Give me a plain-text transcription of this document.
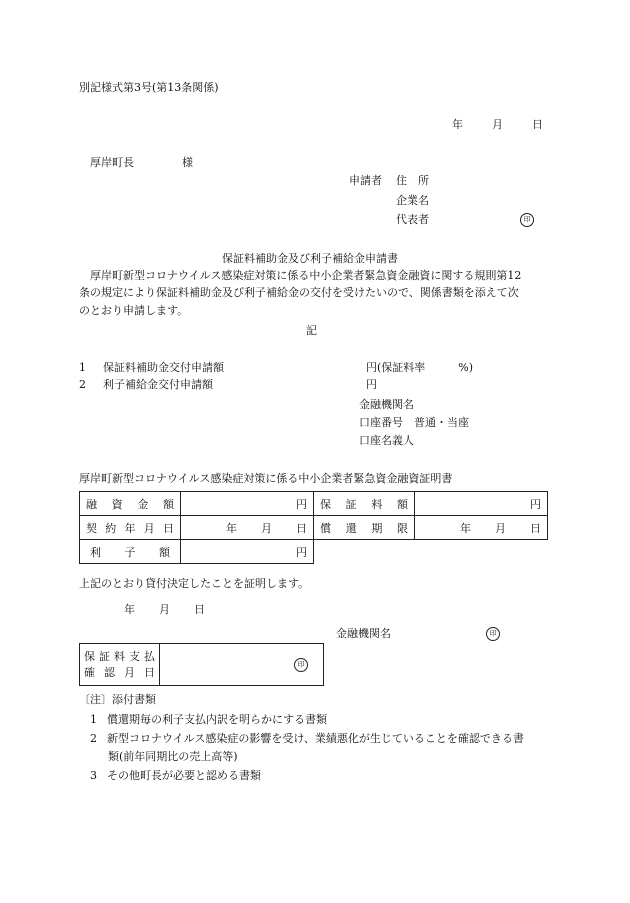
別記様式第3号(第13条関係)
年	月	日
厚岸町長	様
申請者 住　所
企業名
代表者	印
保証料補助金及び利子補給金申請書
　厚岸町新型コロナウイルス感染症対策に係る中小企業者緊急資金融資に関する規則第12
条の規定により保証料補助金及び利子補給金の交付を受けたいので、関係書類を添えて次
のとおり申請します。
記
1 保証料補助金交付申請額	円(保証料率　　　%)
2 利子補給金交付申請額	円
金融機関名
口座番号　普通・当座
口座名義人
厚岸町新型コロナウイルス感染症対策に係る中小企業者緊急資金融資証明書
融 資 金 額	円	保 証 料 額	円

契 約 年 月 日	年 月 日	償 還 期 限	年 月 日

利 子 額	円		
上記のとおり貸付決定したことを証明します。
年 月 日
金融機関名	印
保 証 料 支 払
確 認 月 日

印
〔注〕添付書類
1 償還期毎の利子支払内訳を明らかにする書類
2 新型コロナウイルス感染症の影響を受け、業績悪化が生じていることを確認できる書
類(前年同期比の売上高等)
3 その他町長が必要と認める書類
